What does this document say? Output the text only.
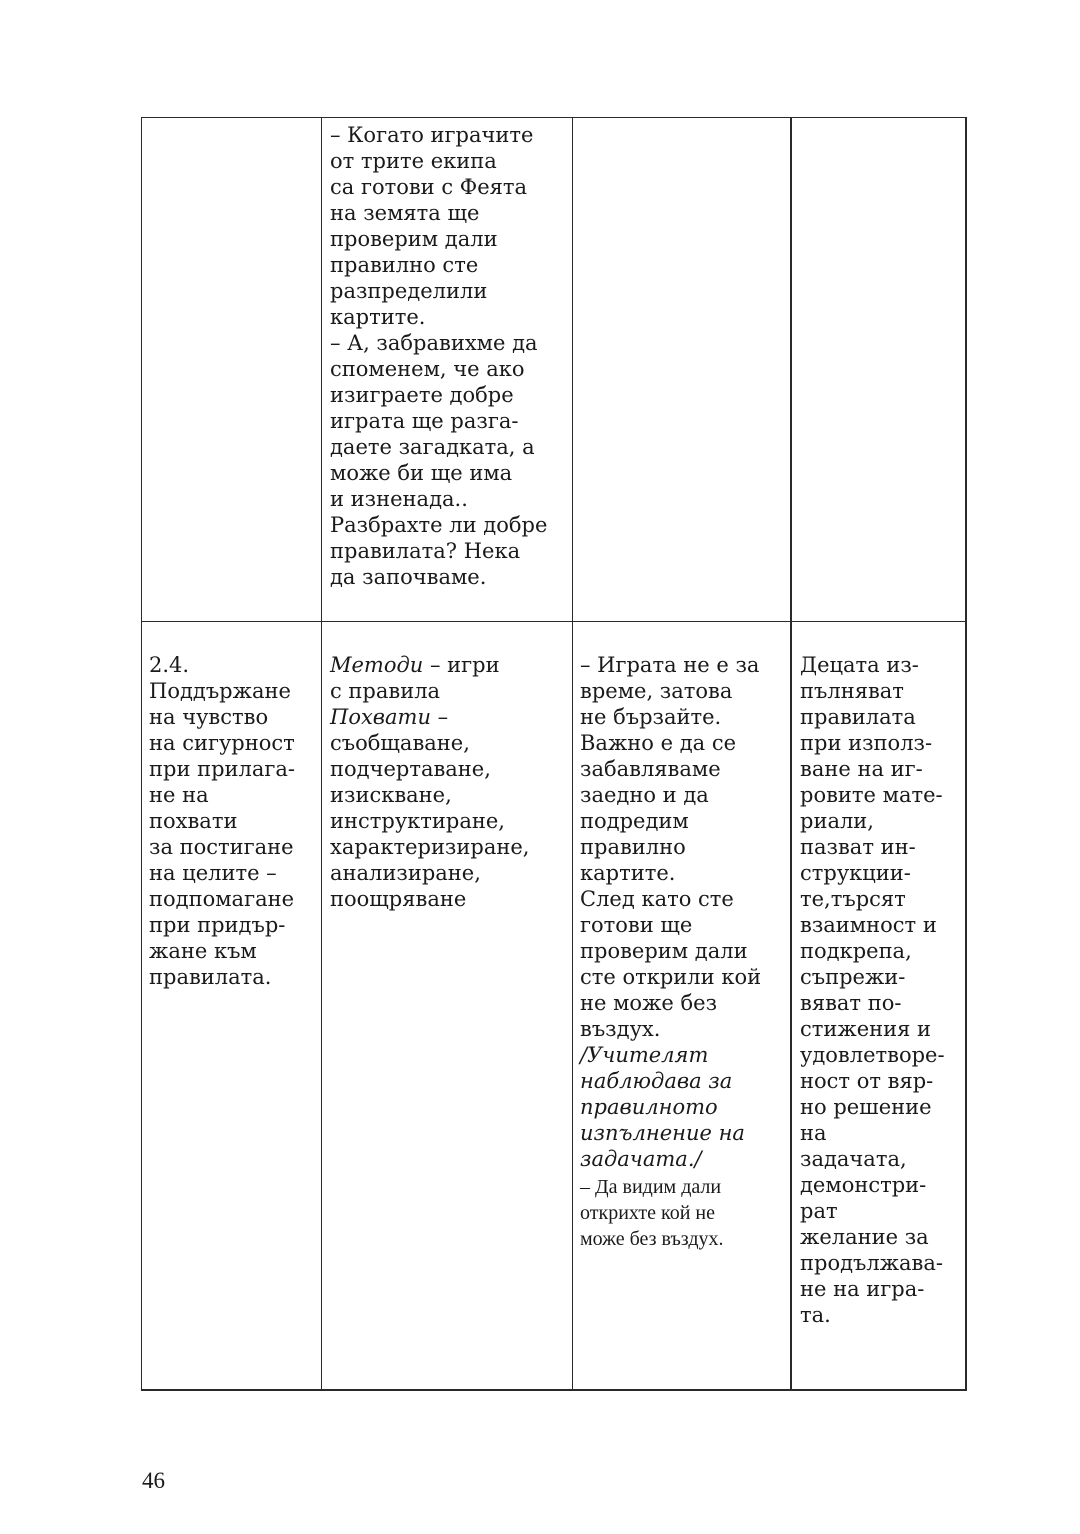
– Когато играчите
от трите екипа
са готови с Феята
на земята ще
проверим дали
правилно сте
разпределили
картите.
– А, забравихме да
споменем, че ако
изиграете добре
играта ще разга-
даете загадката, а
може би ще има
и изненада..
Разбрахте ли добре
правилата? Нека
да започваме.
2.4.
Поддържане
на чувство
на сигурност
при прилага-
не на
похвати
за постигане
на целите –
подпомагане
при придър-
жане към
правилата.
Методи – игри
с правила
Похвати –
съобщаване,
подчертаване,
изискване,
инструктиране,
характеризиране,
анализиране,
поощряване
– Играта не е за
време, затова
не бързайте.
Важно е да се
забавляваме
заедно и да
подредим
правилно
картите.
След като сте
готови ще
проверим дали
сте открили кой
не може без
въздух.
/Учителят
наблюдава за
правилното
изпълнение на
задачата./
– Да видим дали
открихте кой не
може без въздух.
Децата из-
пълняват
правилата
при използ-
ване на иг-
ровите мате-
риали,
пазват ин-
струкции-
те,търсят
взаимност и
подкрепа,
съпрежи-
вяват по-
стижения и
удовлетворе-
ност от вяр-
но решение
на
задачата,
демонстри-
рат
желание за
продължава-
не на игра-
та.
46
